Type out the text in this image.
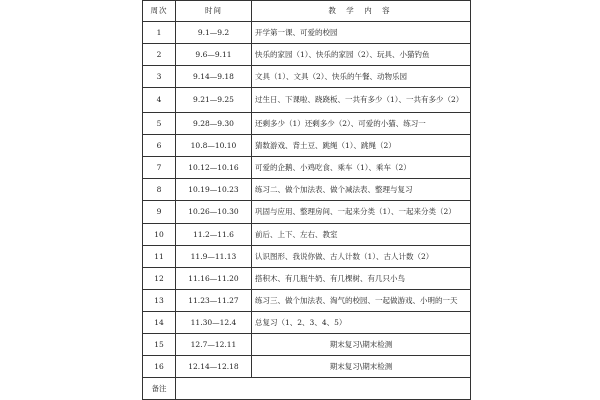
周次	时间	教 学 内 容
1	9.1—9.2	开学第一课、可爱的校园
2	9.6—9.11	快乐的家园（1）、快乐的家园（2）、玩具、小猫钓鱼
3	9.14—9.18	文具（1）、文具（2）、快乐的午餐、动物乐园
4	9.21—9.25	过生日、下课啦、跷跷板、一共有多少（1）、一共有多少（2）
5	9.28—9.30	还剩多少（1）还剩多少（2）、可爱的小猫、练习一
6	10.8—10.10	猜数游戏、背土豆、跳绳（1）、跳绳（2）
7	10.12—10.16	可爱的企鹅、小鸡吃食、乘车（1）、乘车（2）
8	10.19—10.23	练习二、做个加法表、做个减法表、整理与复习
9	10.26—10.30	巩固与应用、整理房间、一起来分类（1）、一起来分类（2）
10	11.2—11.6	前后、上下、左右、教室
11	11.9—11.13	认识图形、我说你做、古人计数（1）、古人计数（2）
12	11.16—11.20	搭积木、有几瓶牛奶、有几棵树、有几只小鸟
13	11.23—11.27	练习三、做个加法表、淘气的校园、一起做游戏、小明的一天
14	11.30—12.4	总复习（1、2、3、4、5）
15	12.7—12.11	期末复习\期末检测
16	12.14—12.18	期末复习\期末检测
备注		
